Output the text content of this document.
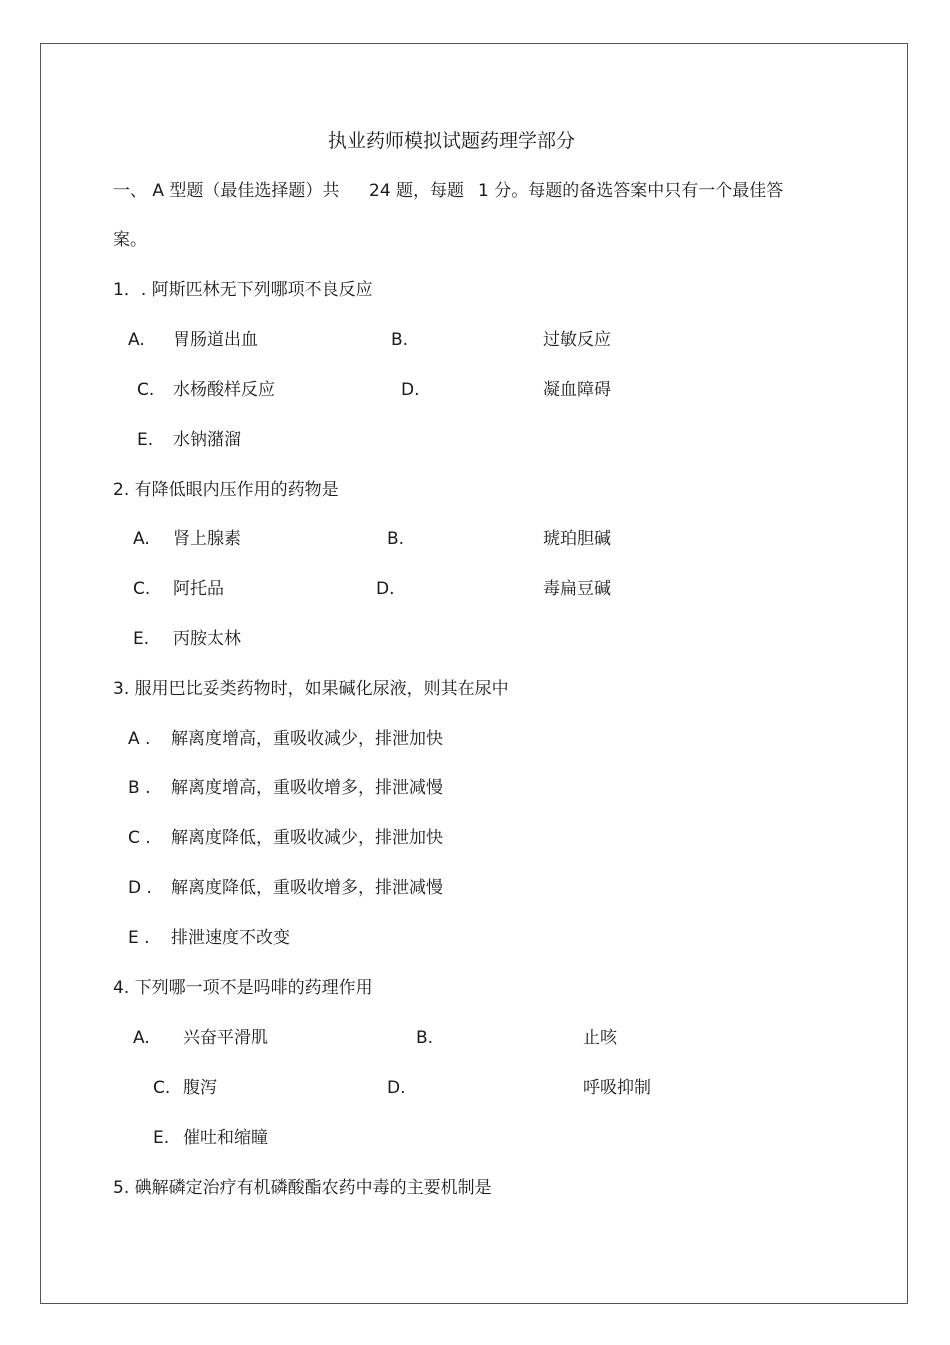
执业药师模拟试题药理学部分
一、 A 型题（最佳选择题）共 24 题，每题 1 分。每题的备选答案中只有一个最佳答
案。
1．. 阿斯匹林无下列哪项不良反应
A. 胃肠道出血	B.	过敏反应
C. 水杨酸样反应	D.	凝血障碍
E. 水钠潴溜
2. 有降低眼内压作用的药物是
A. 肾上腺素	B.	琥珀胆碱
C. 阿托品	D.	毒扁豆碱
E. 丙胺太林
3. 服用巴比妥类药物时，如果碱化尿液，则其在尿中
A . 解离度增高，重吸收减少，排泄加快
B . 解离度增高，重吸收增多，排泄减慢
C . 解离度降低，重吸收减少，排泄加快
D . 解离度降低，重吸收增多，排泄减慢
E . 排泄速度不改变
4. 下列哪一项不是吗啡的药理作用
A. 兴奋平滑肌	B.	止咳
C. 腹泻	D.	呼吸抑制
E. 催吐和缩瞳
5. 碘解磷定治疗有机磷酸酯农药中毒的主要机制是
